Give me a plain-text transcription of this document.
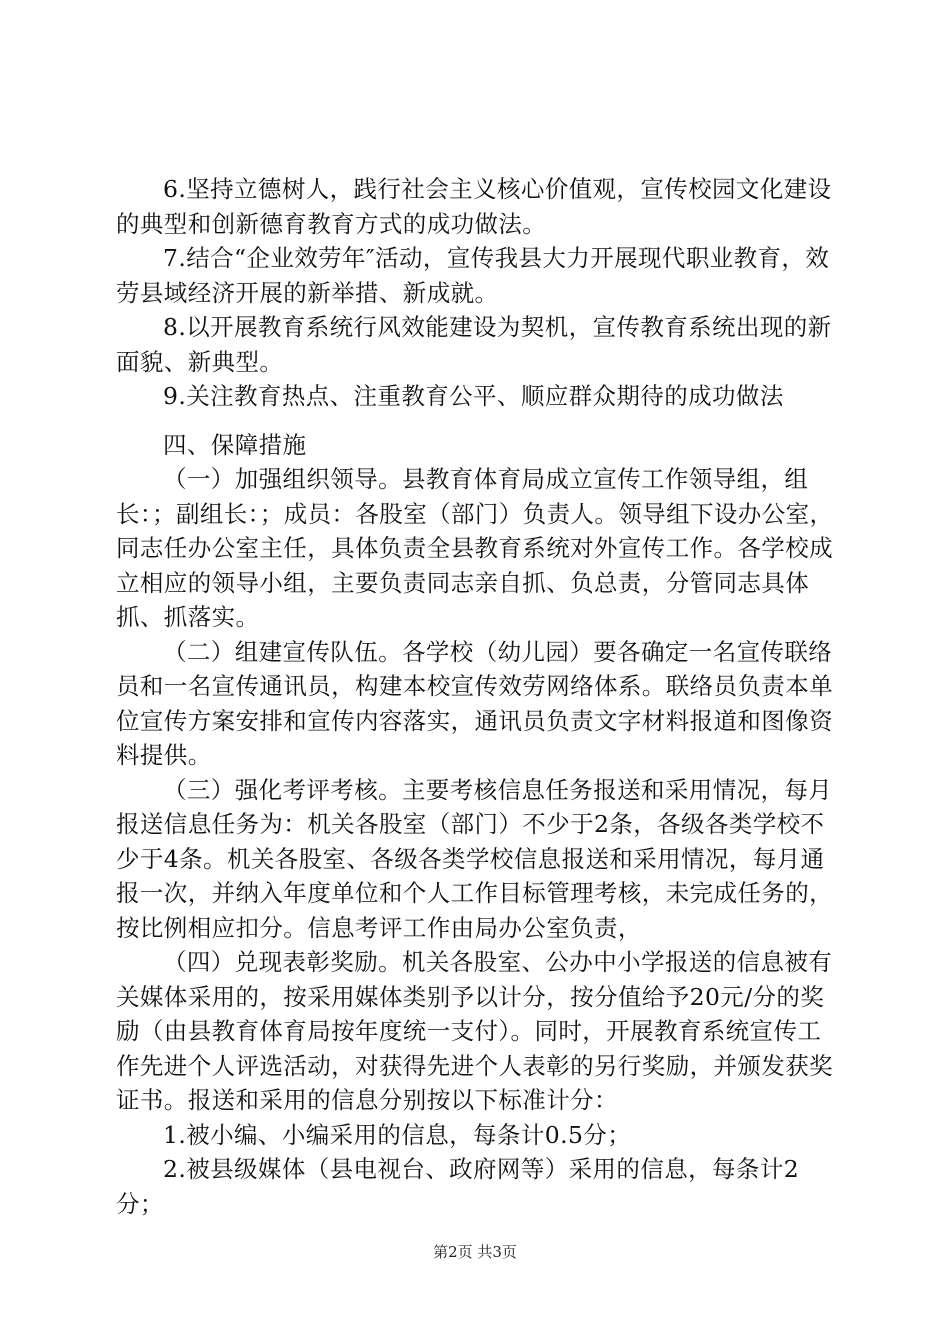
6.坚持立德树人，践行社会主义核心价值观，宣传校园文化建设的典型和创新德育教育方式的成功做法。

7.结合“企业效劳年″活动，宣传我县大力开展现代职业教育，效劳县域经济开展的新举措、新成就。

8.以开展教育系统行风效能建设为契机，宣传教育系统出现的新面貌、新典型。

9.关注教育热点、注重教育公平、顺应群众期待的成功做法

四、保障措施

（一）加强组织领导。县教育体育局成立宣传工作领导组，组长：；副组长：；成员：各股室（部门）负责人。领导组下设办公室，同志任办公室主任，具体负责全县教育系统对外宣传工作。各学校成立相应的领导小组，主要负责同志亲自抓、负总责，分管同志具体抓、抓落实。

（二）组建宣传队伍。各学校（幼儿园）要各确定一名宣传联络员和一名宣传通讯员，构建本校宣传效劳网络体系。联络员负责本单位宣传方案安排和宣传内容落实，通讯员负责文字材料报道和图像资料提供。

（三）强化考评考核。主要考核信息任务报送和采用情况，每月报送信息任务为：机关各股室（部门）不少于2条，各级各类学校不少于4条。机关各股室、各级各类学校信息报送和采用情况，每月通报一次，并纳入年度单位和个人工作目标管理考核，未完成任务的，按比例相应扣分。信息考评工作由局办公室负责，

（四）兑现表彰奖励。机关各股室、公办中小学报送的信息被有关媒体采用的，按采用媒体类别予以计分，按分值给予20元/分的奖励（由县教育体育局按年度统一支付）。同时，开展教育系统宣传工作先进个人评选活动，对获得先进个人表彰的另行奖励，并颁发获奖证书。报送和采用的信息分别按以下标准计分：

1.被小编、小编采用的信息，每条计0.5分；

2.被县级媒体（县电视台、政府网等）采用的信息，每条计2分；

第2页 共3页
